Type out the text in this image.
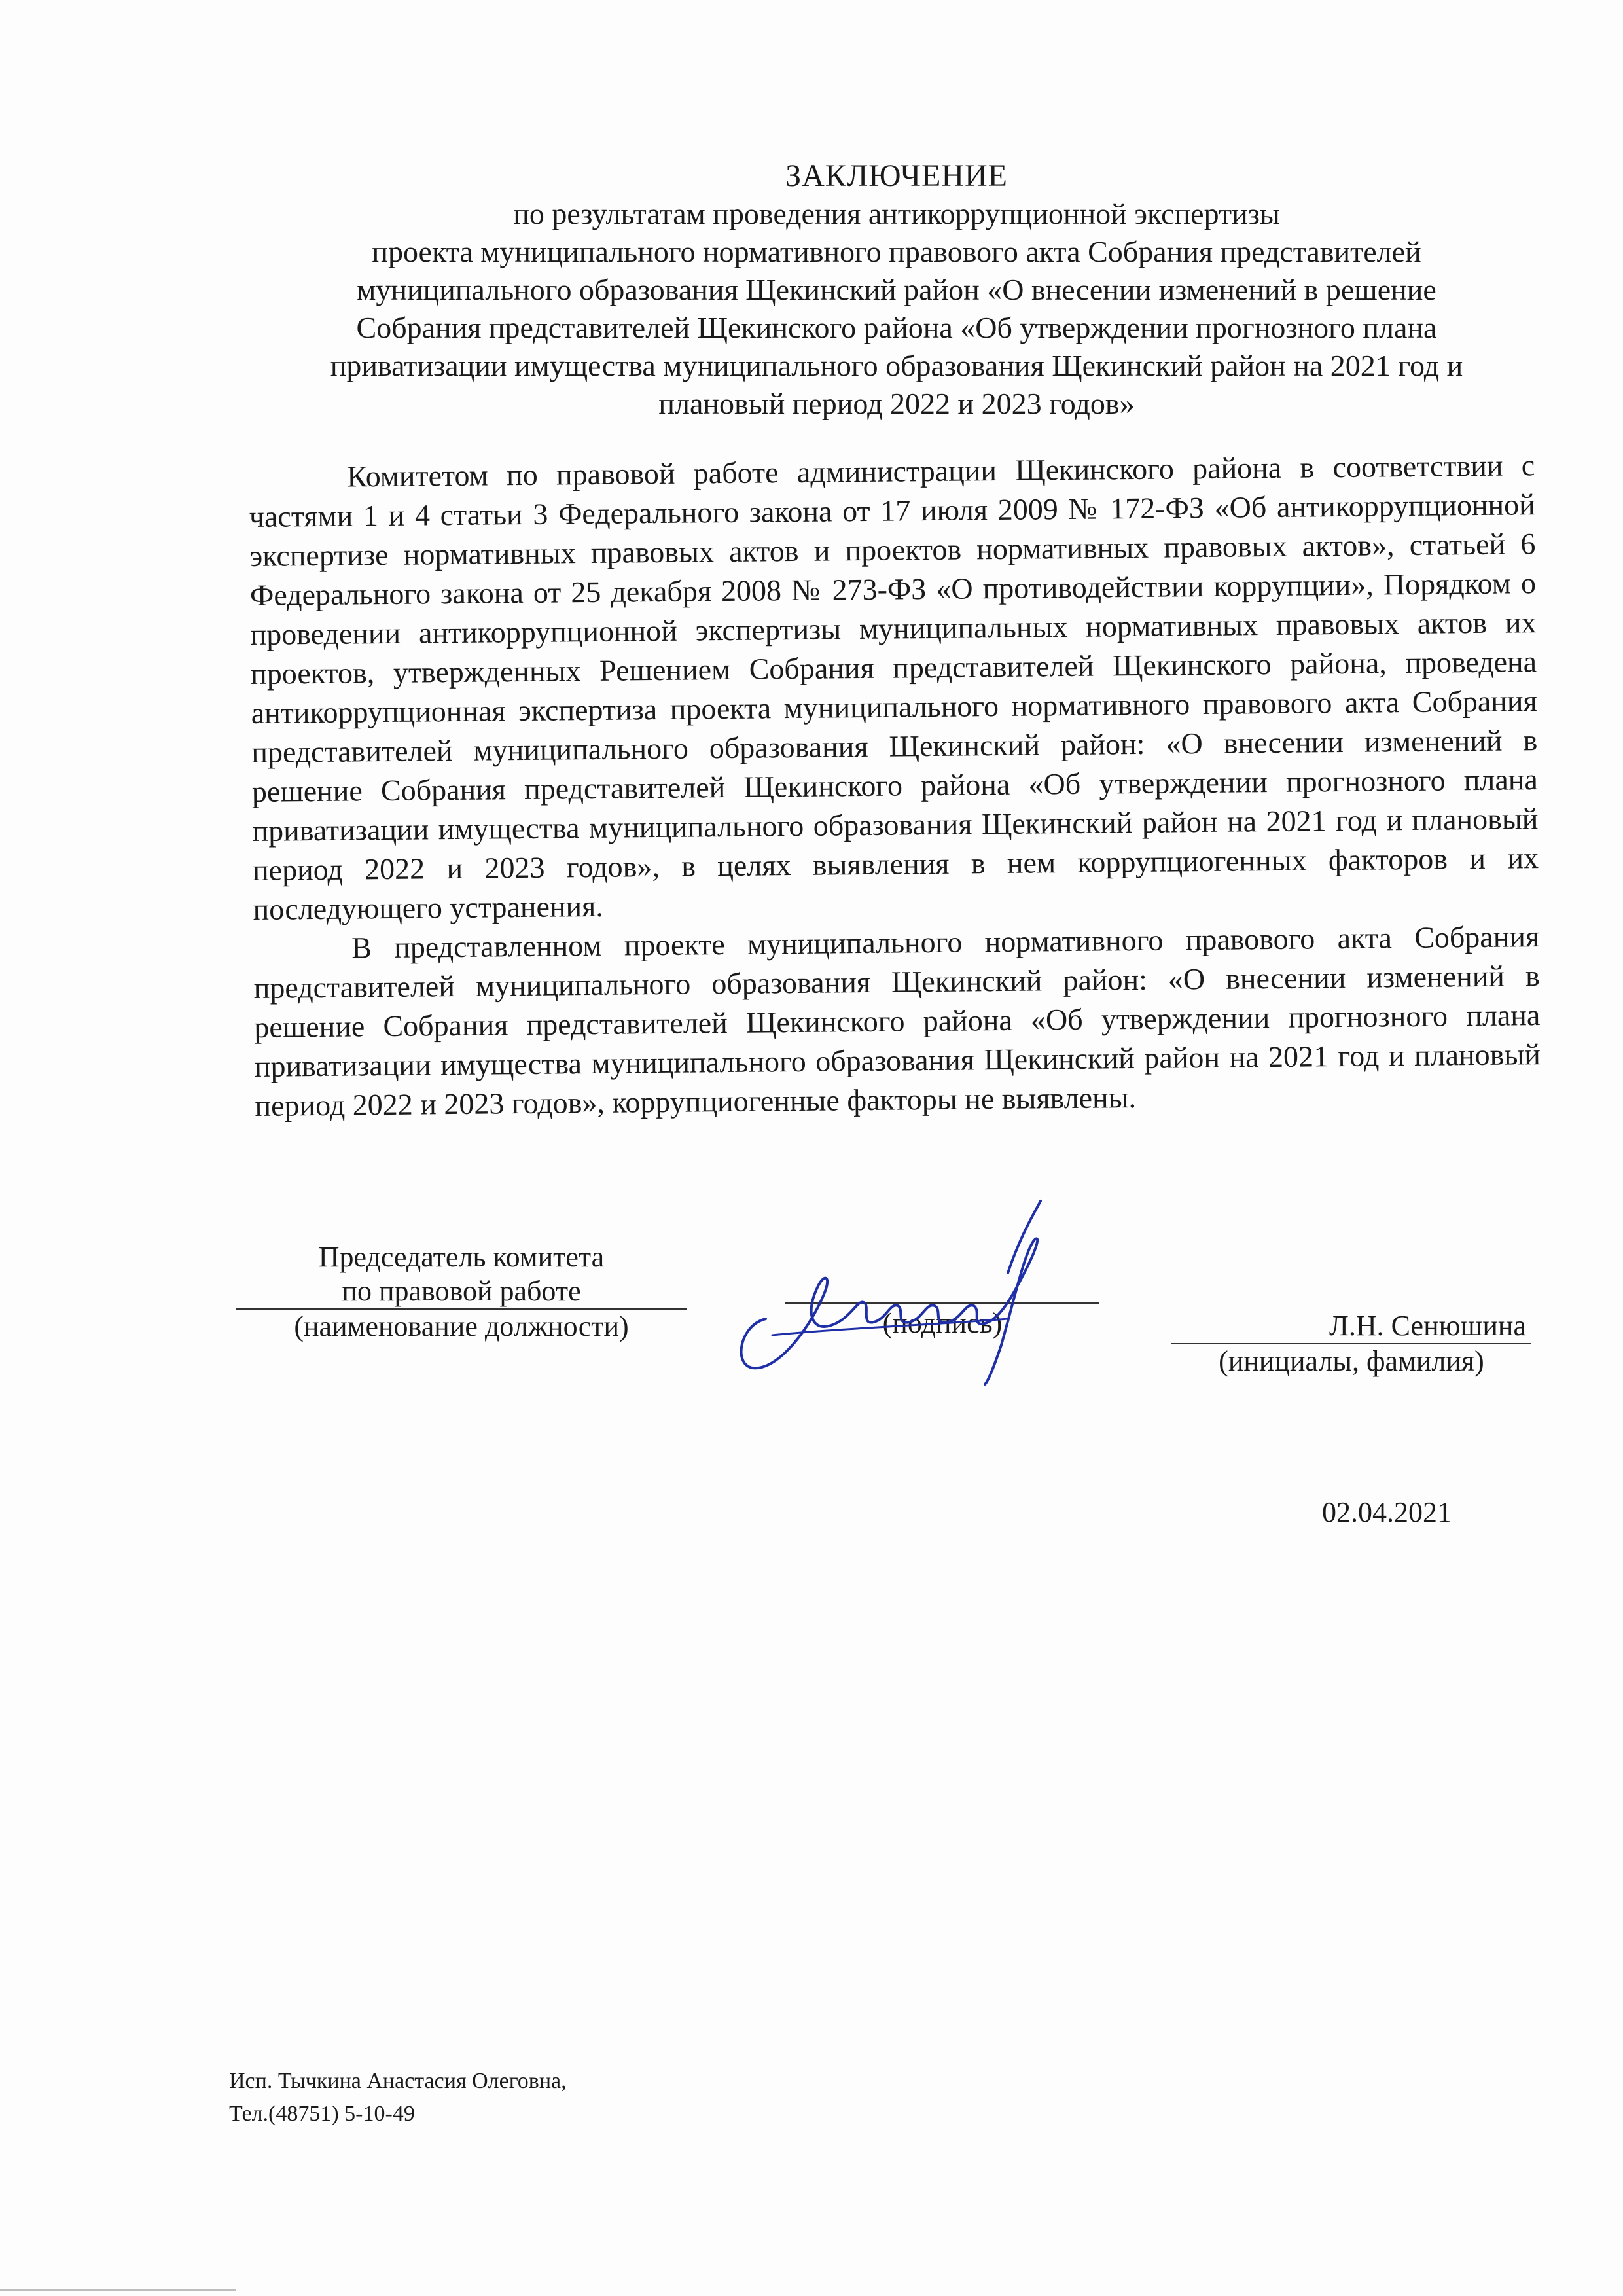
ЗАКЛЮЧЕНИЕ
по результатам проведения антикоррупционной экспертизы
проекта муниципального нормативного правового акта Собрания представителей
муниципального образования Щекинский район «О внесении изменений в решение
Собрания представителей Щекинского района «Об утверждении прогнозного плана
приватизации имущества муниципального образования Щекинский район на 2021 год и
плановый период 2022 и 2023 годов»

Комитетом по правовой работе администрации Щекинского района в соответствии с частями 1 и 4 статьи 3 Федерального закона от 17 июля 2009 № 172-ФЗ «Об антикоррупционной экспертизе нормативных правовых актов и проектов нормативных правовых актов», статьей 6 Федерального закона от 25 декабря 2008 № 273-ФЗ «О противодействии коррупции», Порядком о проведении антикоррупционной экспертизы муниципальных нормативных правовых актов их проектов, утвержденных Решением Собрания представителей Щекинского района, проведена антикоррупционная экспертиза проекта муниципального нормативного правового акта Собрания представителей муниципального образования Щекинский район: «О внесении изменений в решение Собрания представителей Щекинского района «Об утверждении прогнозного плана приватизации имущества муниципального образования Щекинский район на 2021 год и плановый период 2022 и 2023 годов», в целях выявления в нем коррупциогенных факторов и их последующего устранения.

В представленном проекте муниципального нормативного правового акта Собрания представителей муниципального образования Щекинский район: «О внесении изменений в решение Собрания представителей Щекинского района «Об утверждении прогнозного плана приватизации имущества муниципального образования Щекинский район на 2021 год и плановый период 2022 и 2023 годов», коррупциогенные факторы не выявлены.

Председатель комитета
по правовой работе
(наименование должности)	(подпись)	Л.Н. Сенюшина
(инициалы, фамилия)
02.04.2021
Исп. Тычкина Анастасия Олеговна,
Тел.(48751) 5-10-49
